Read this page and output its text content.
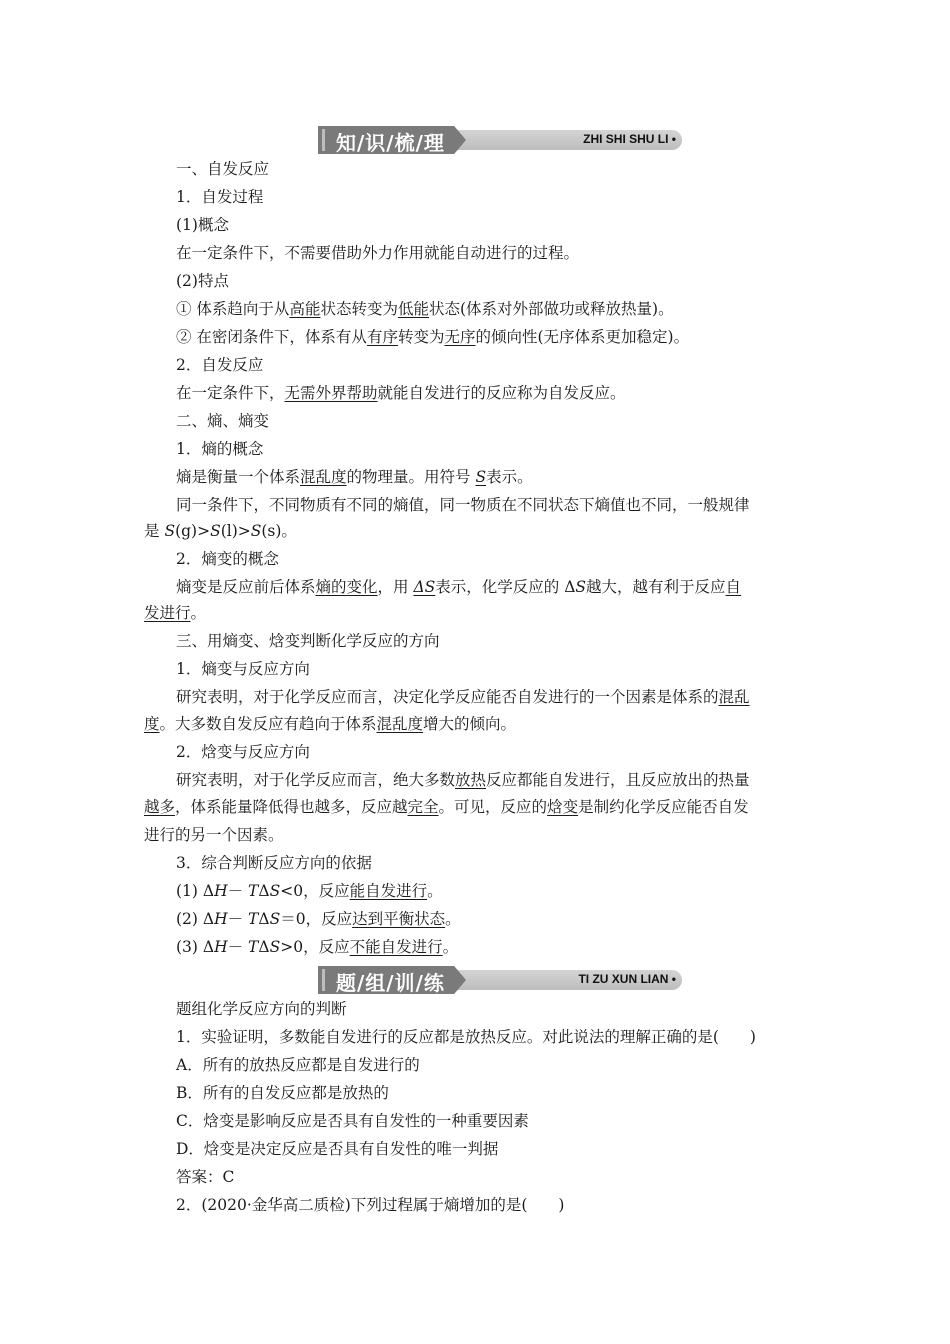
知/识/梳/理	ZHI SHI SHU LI •
一、自发反应
1．自发过程
(1)概念
在一定条件下，不需要借助外力作用就能自动进行的过程。
(2)特点
① 体系趋向于从高能状态转变为低能状态(体系对外部做功或释放热量)。
② 在密闭条件下，体系有从有序转变为无序的倾向性(无序体系更加稳定)。
2．自发反应
在一定条件下，无需外界帮助就能自发进行的反应称为自发反应。
二、熵、熵变
1．熵的概念
熵是衡量一个体系混乱度的物理量。用符号 S表示。
同一条件下，不同物质有不同的熵值，同一物质在不同状态下熵值也不同，一般规律
是 S(g)>S(l)>S(s)。
2．熵变的概念
熵变是反应前后体系熵的变化，用 ΔS表示，化学反应的 ΔS越大，越有利于反应自
发进行。
三、用熵变、焓变判断化学反应的方向
1．熵变与反应方向
研究表明，对于化学反应而言，决定化学反应能否自发进行的一个因素是体系的混乱
度。大多数自发反应有趋向于体系混乱度增大的倾向。
2．焓变与反应方向
研究表明，对于化学反应而言，绝大多数放热反应都能自发进行，且反应放出的热量
越多，体系能量降低得也越多，反应越完全。可见，反应的焓变是制约化学反应能否自发
进行的另一个因素。
3．综合判断反应方向的依据
(1) ΔH－ TΔS<0，反应能自发进行。
(2) ΔH－ TΔS＝0，反应达到平衡状态。
(3) ΔH－ TΔS>0，反应不能自发进行。
题/组/训/练	TI ZU XUN LIAN •
题组化学反应方向的判断
1．实验证明，多数能自发进行的反应都是放热反应。对此说法的理解正确的是(　　)
A．所有的放热反应都是自发进行的
B．所有的自发反应都是放热的
C．焓变是影响反应是否具有自发性的一种重要因素
D．焓变是决定反应是否具有自发性的唯一判据
答案：C
2．(2020·金华高二质检)下列过程属于熵增加的是(　　)
